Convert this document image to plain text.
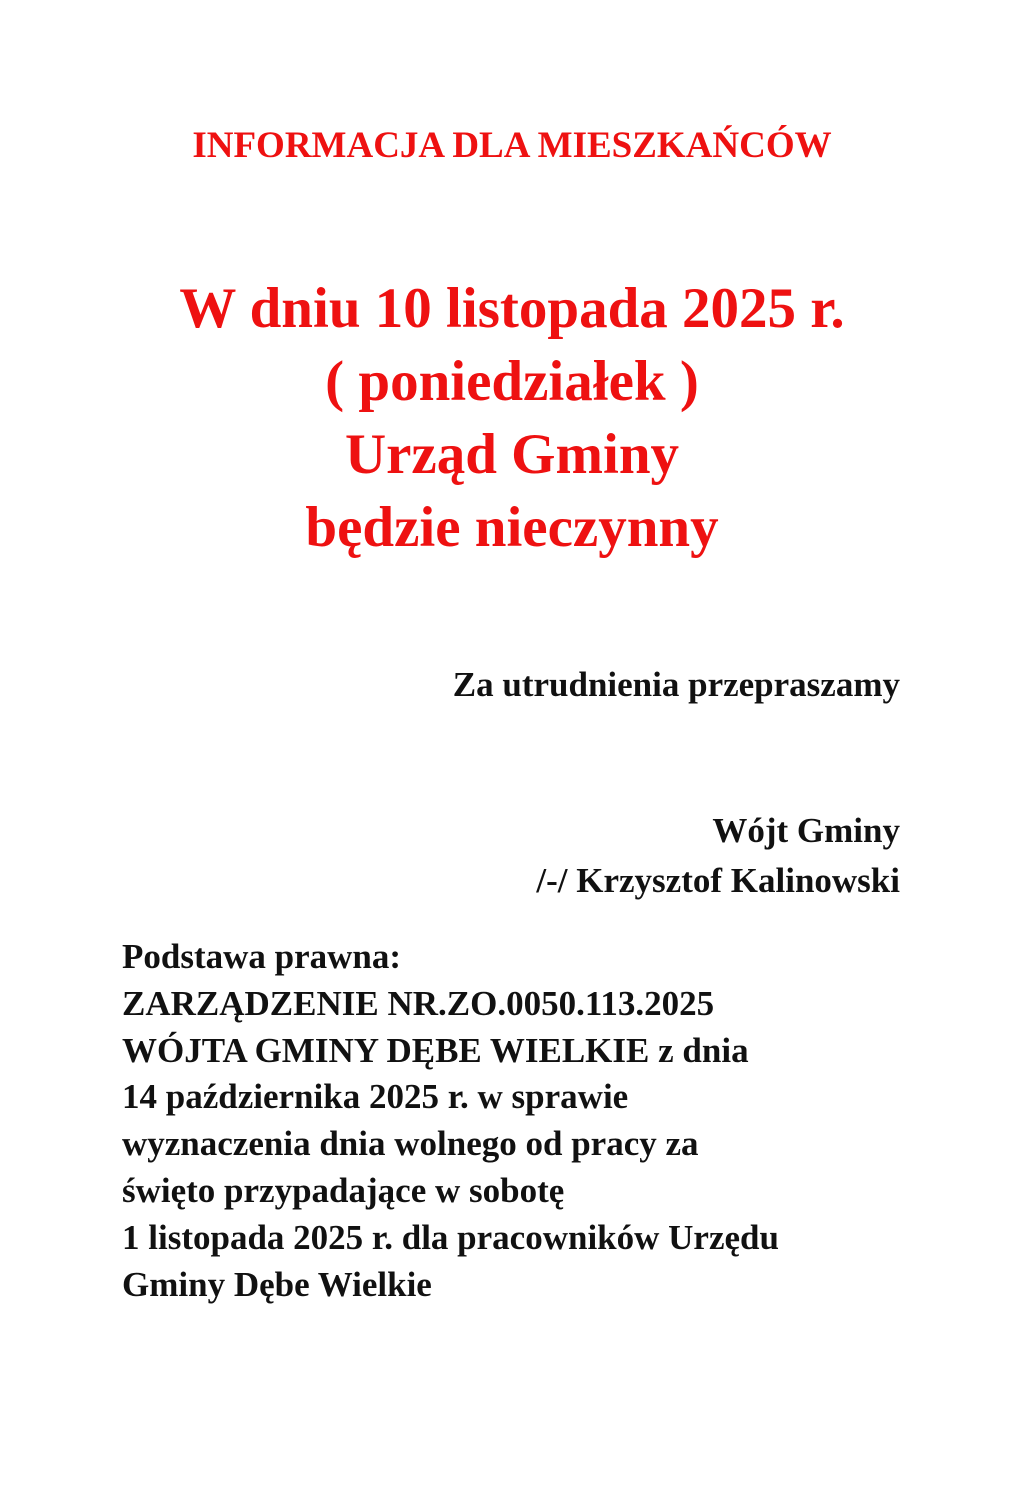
INFORMACJA DLA MIESZKAŃCÓW
W dniu 10 listopada 2025 r.
( poniedziałek )
Urząd Gminy
będzie nieczynny
Za utrudnienia przepraszamy
Wójt Gminy
/-/ Krzysztof Kalinowski
Podstawa prawna:
ZARZĄDZENIE NR.ZO.0050.113.2025
WÓJTA GMINY DĘBE WIELKIE z dnia
14 października 2025 r. w sprawie
wyznaczenia dnia wolnego od pracy za
święto przypadające w sobotę
1 listopada 2025 r. dla pracowników Urzędu
Gminy Dębe Wielkie
